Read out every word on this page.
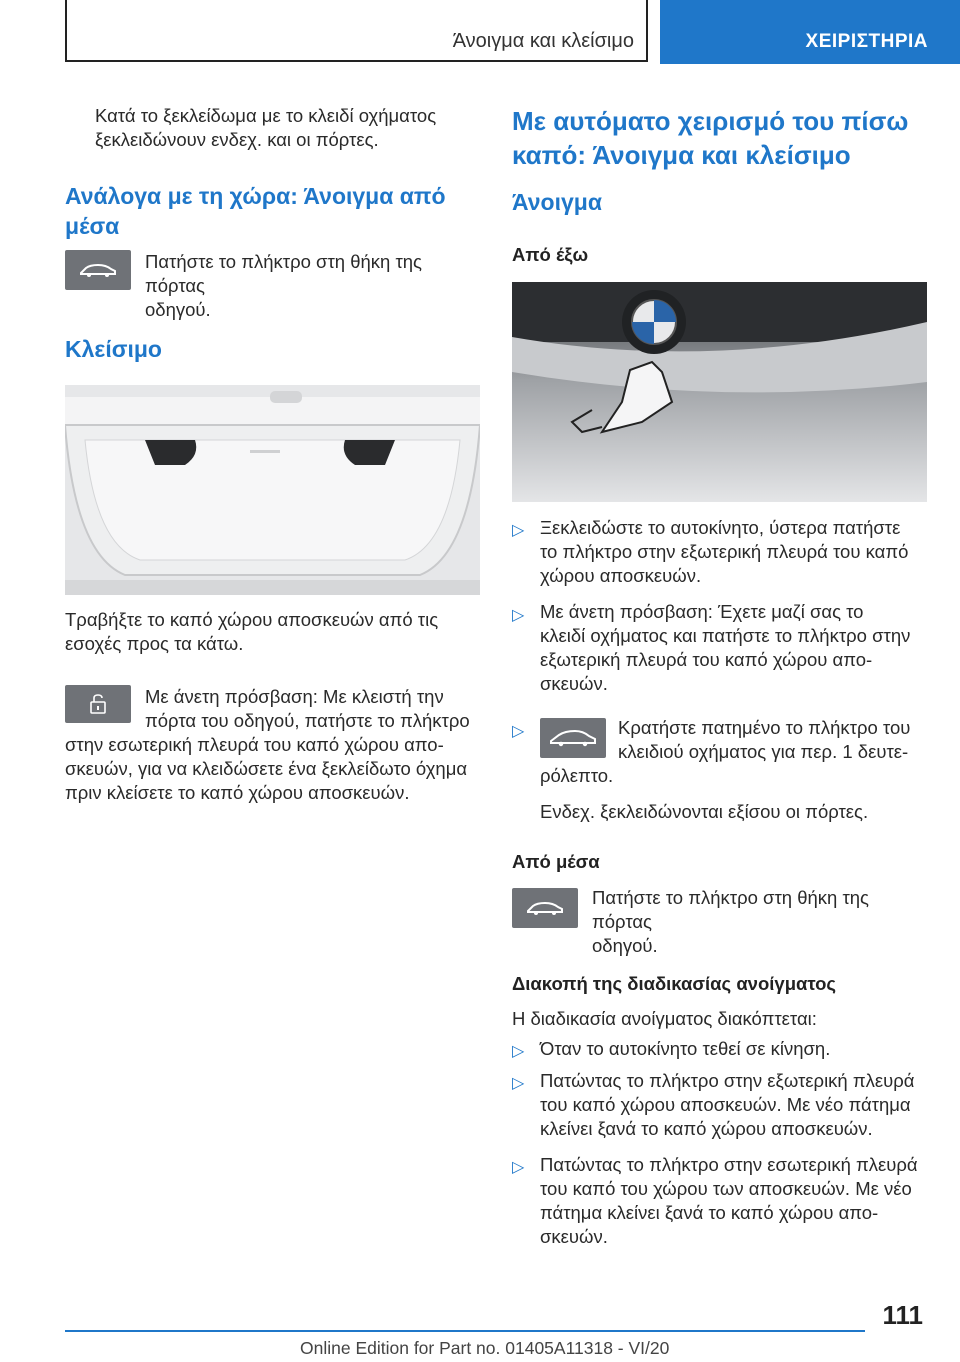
Άνοιγμα και κλείσιμο	ΧΕΙΡΙΣΤΗΡΙΑ

Κατά το ξεκλείδωμα με το κλειδί οχήματος

ξεκλειδώνουν ενδεχ. και οι πόρτες.

Ανάλογα με τη χώρα: Άνοιγμα από
μέσα

Πατήστε το πλήκτρο στη θήκη της πόρτας

οδηγού.

Κλείσιμο

Τραβήξτε το καπό χώρου αποσκευών από τις

εσοχές προς τα κάτω.

Με άνετη πρόσβαση: Με κλειστή την

πόρτα του οδηγού, πατήστε το πλήκτρο

στην εσωτερική πλευρά του καπό χώρου απο-

σκευών, για να κλειδώσετε ένα ξεκλείδωτο όχημα

πριν κλείσετε το καπό χώρου αποσκευών.

Με αυτόματο χειρισμό του πίσω
καπό: Άνοιγμα και κλείσιμο
Άνοιγμα
Από έξω
▷ Ξεκλειδώστε το αυτοκίνητο, ύστερα πατήστε

το πλήκτρο στην εξωτερική πλευρά του καπό

χώρου αποσκευών.

▷ Με άνετη πρόσβαση: Έχετε μαζί σας το

κλειδί οχήματος και πατήστε το πλήκτρο στην

εξωτερική πλευρά του καπό χώρου απο-

σκευών.

▷	Κρατήστε πατημένο το πλήκτρο του

κλειδιού οχήματος για περ. 1 δευτε-

ρόλεπτο.

Ενδεχ. ξεκλειδώνονται εξίσου οι πόρτες.
Από μέσα

Πατήστε το πλήκτρο στη θήκη της πόρτας

οδηγού.

Διακοπή της διαδικασίας ανοίγματος
Η διαδικασία ανοίγματος διακόπτεται:
▷ Όταν το αυτοκίνητο τεθεί σε κίνηση.

▷ Πατώντας το πλήκτρο στην εξωτερική πλευρά

του καπό χώρου αποσκευών. Με νέο πάτημα

κλείνει ξανά το καπό χώρου αποσκευών.

▷ Πατώντας το πλήκτρο στην εσωτερική πλευρά

του καπό του χώρου των αποσκευών. Με νέο

πάτημα κλείνει ξανά το καπό χώρου απο-

σκευών.

111
Online Edition for Part no. 01405A11318 - VI/20
